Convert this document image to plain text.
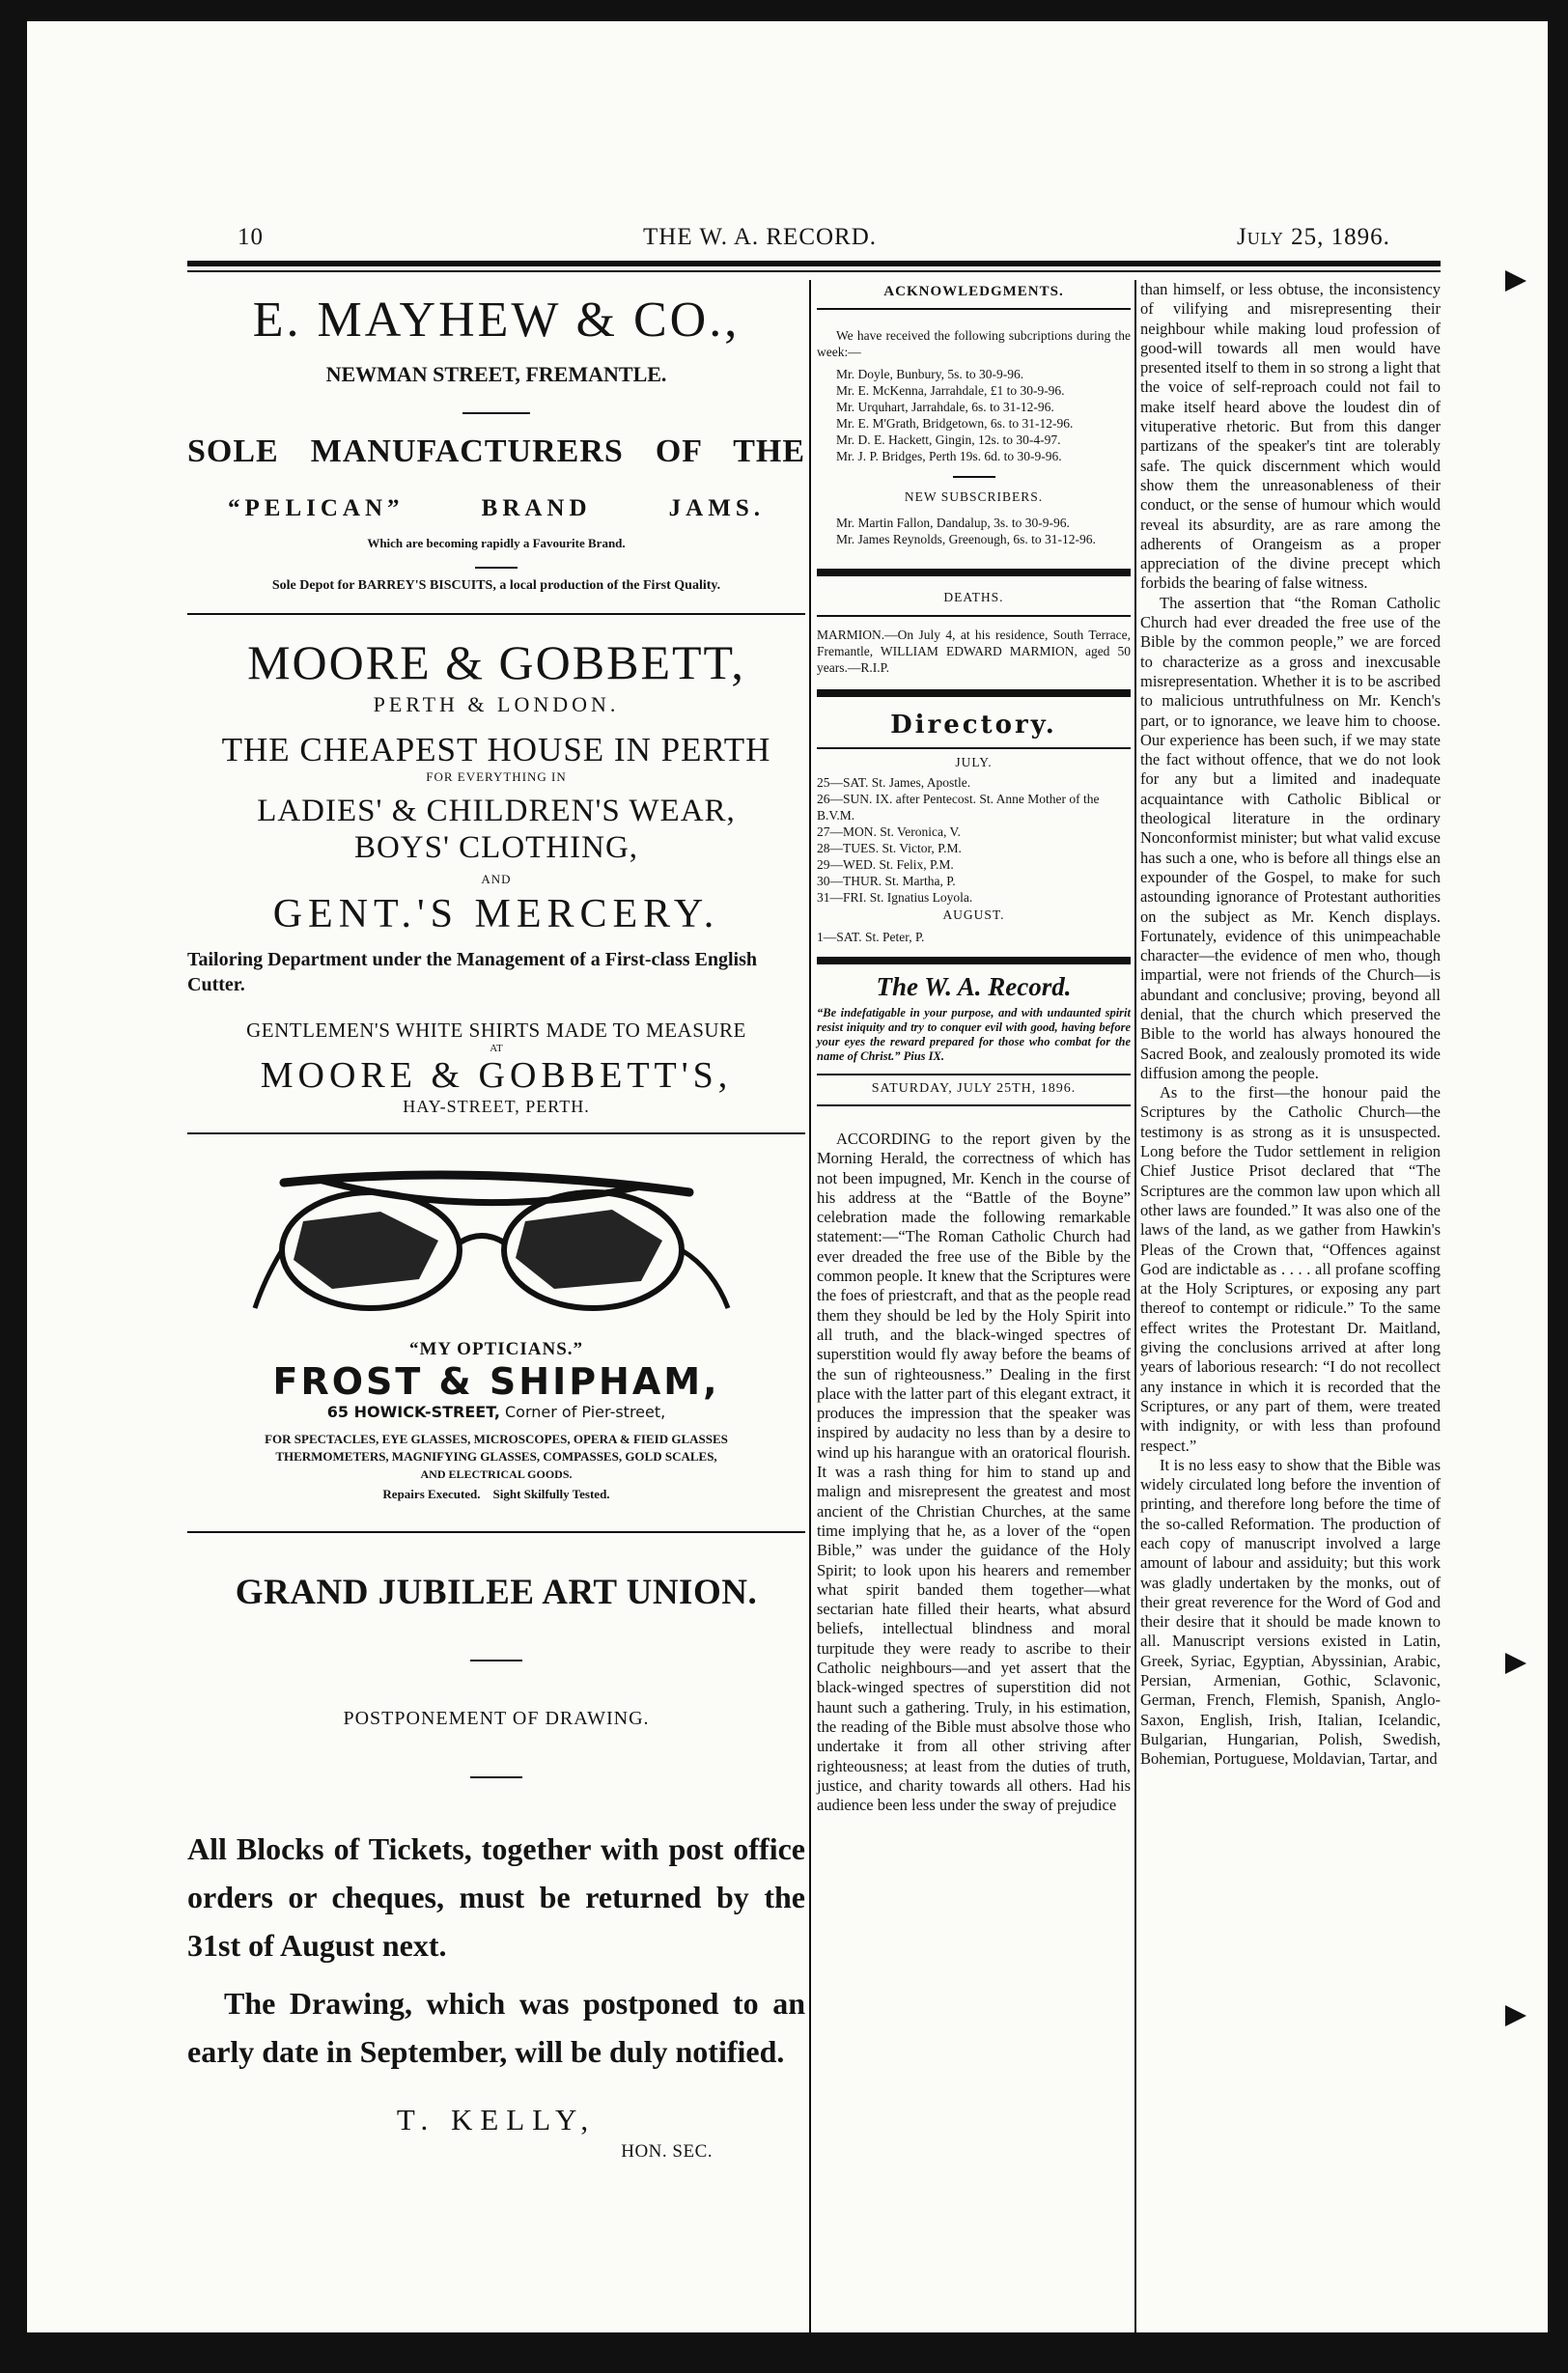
10	THE W. A. RECORD.	July 25, 1896.
E. MAYHEW & CO.,
NEWMAN STREET, FREMANTLE.
SOLE MANUFACTURERS OF THE
“PELICAN” BRAND JAMS.
Which are becoming rapidly a Favourite Brand.
Sole Depot for BARREY'S BISCUITS, a local production of the First Quality.
MOORE & GOBBETT,
PERTH & LONDON.
THE CHEAPEST HOUSE IN PERTH
FOR EVERYTHING IN
LADIES' & CHILDREN'S WEAR,
BOYS' CLOTHING,
AND
GENT.'S MERCERY.
Tailoring Department under the Management of a First-class English Cutter.
GENTLEMEN'S WHITE SHIRTS MADE TO MEASURE
AT
MOORE & GOBBETT'S,
HAY-STREET, PERTH.
“MY OPTICIANS.”
FROST & SHIPHAM,
65 HOWICK-STREET, Corner of Pier-street,
FOR SPECTACLES, EYE GLASSES, MICROSCOPES, OPERA & FIEID GLASSES
THERMOMETERS, MAGNIFYING GLASSES, COMPASSES, GOLD SCALES,
AND ELECTRICAL GOODS.
Repairs Executed. Sight Skilfully Tested.
GRAND JUBILEE ART UNION.
POSTPONEMENT OF DRAWING.
All Blocks of Tickets, together with post office orders or cheques, must be returned by the 31st of August next.
The Drawing, which was postponed to an early date in September, will be duly notified.
T. KELLY,
HON. SEC.
ACKNOWLEDGMENTS.

We have received the following subcriptions during the week:—

Mr. Doyle, Bunbury, 5s. to 30-9-96.

Mr. E. McKenna, Jarrahdale, £1 to 30-9-96.

Mr. Urquhart, Jarrahdale, 6s. to 31-12-96.

Mr. E. M'Grath, Bridgetown, 6s. to 31-12-96.

Mr. D. E. Hackett, Gingin, 12s. to 30-4-97.

Mr. J. P. Bridges, Perth 19s. 6d. to 30-9-96.

NEW SUBSCRIBERS.

Mr. Martin Fallon, Dandalup, 3s. to 30-9-96.

Mr. James Reynolds, Greenough, 6s. to 31-12-96.

DEATHS.

MARMION.—On July 4, at his residence, South Terrace, Fremantle, WILLIAM EDWARD MARMION, aged 50 years.—R.I.P.

Directory.
JULY.

25—SAT. St. James, Apostle.

26—SUN. IX. after Pentecost. St. Anne Mother of the B.V.M.

27—MON. St. Veronica, V.

28—TUES. St. Victor, P.M.

29—WED. St. Felix, P.M.

30—THUR. St. Martha, P.

31—FRI. St. Ignatius Loyola.

AUGUST.

1—SAT. St. Peter, P.

The W. A. Record.

“Be indefatigable in your purpose, and with undaunted spirit resist iniquity and try to conquer evil with good, having before your eyes the reward prepared for those who combat for the name of Christ.” Pius IX.

SATURDAY, JULY 25TH, 1896.

ACCORDING to the report given by the Morning Herald, the correctness of which has not been impugned, Mr. Kench in the course of his address at the “Battle of the Boyne” celebration made the following remarkable statement:—“The Roman Catholic Church had ever dreaded the free use of the Bible by the common people. It knew that the Scriptures were the foes of priestcraft, and that as the people read them they should be led by the Holy Spirit into all truth, and the black-winged spectres of superstition would fly away before the beams of the sun of righteousness.” Dealing in the first place with the latter part of this elegant extract, it produces the impression that the speaker was inspired by audacity no less than by a desire to wind up his harangue with an oratorical flourish. It was a rash thing for him to stand up and malign and misrepresent the greatest and most ancient of the Christian Churches, at the same time implying that he, as a lover of the “open Bible,” was under the guidance of the Holy Spirit; to look upon his hearers and remember what spirit banded them together—what sectarian hate filled their hearts, what absurd beliefs, intellectual blindness and moral turpitude they were ready to ascribe to their Catholic neighbours—and yet assert that the black-winged spectres of superstition did not haunt such a gathering. Truly, in his estimation, the reading of the Bible must absolve those who undertake it from all other striving after righteousness; at least from the duties of truth, justice, and charity towards all others. Had his audience been less under the sway of prejudice

than himself, or less obtuse, the inconsistency of vilifying and misrepresenting their neighbour while making loud profession of good-will towards all men would have presented itself to them in so strong a light that the voice of self-reproach could not fail to make itself heard above the loudest din of vituperative rhetoric. But from this danger partizans of the speaker's tint are tolerably safe. The quick discernment which would show them the unreasonableness of their conduct, or the sense of humour which would reveal its absurdity, are as rare among the adherents of Orangeism as a proper appreciation of the divine precept which forbids the bearing of false witness.

The assertion that “the Roman Catholic Church had ever dreaded the free use of the Bible by the common people,” we are forced to characterize as a gross and inexcusable misrepresentation. Whether it is to be ascribed to malicious untruthfulness on Mr. Kench's part, or to ignorance, we leave him to choose. Our experience has been such, if we may state the fact without offence, that we do not look for any but a limited and inadequate acquaintance with Catholic Biblical or theological literature in the ordinary Nonconformist minister; but what valid excuse has such a one, who is before all things else an expounder of the Gospel, to make for such astounding ignorance of Protestant authorities on the subject as Mr. Kench displays. Fortunately, evidence of this unimpeachable character—the evidence of men who, though impartial, were not friends of the Church—is abundant and conclusive; proving, beyond all denial, that the church which preserved the Bible to the world has always honoured the Sacred Book, and zealously promoted its wide diffusion among the people.

As to the first—the honour paid the Scriptures by the Catholic Church—the testimony is as strong as it is unsuspected. Long before the Tudor settlement in religion Chief Justice Prisot declared that “The Scriptures are the common law upon which all other laws are founded.” It was also one of the laws of the land, as we gather from Hawkin's Pleas of the Crown that, “Offences against God are indictable as . . . . all profane scoffing at the Holy Scriptures, or exposing any part thereof to contempt or ridicule.” To the same effect writes the Protestant Dr. Maitland, giving the conclusions arrived at after long years of laborious research: “I do not recollect any instance in which it is recorded that the Scriptures, or any part of them, were treated with indignity, or with less than profound respect.”

It is no less easy to show that the Bible was widely circulated long before the invention of printing, and therefore long before the time of the so-called Reformation. The production of each copy of manuscript involved a large amount of labour and assiduity; but this work was gladly undertaken by the monks, out of their great reverence for the Word of God and their desire that it should be made known to all. Manuscript versions existed in Latin, Greek, Syriac, Egyptian, Abyssinian, Arabic, Persian, Armenian, Gothic, Sclavonic, German, French, Flemish, Spanish, Anglo-Saxon, English, Irish, Italian, Icelandic, Bulgarian, Hungarian, Polish, Swedish, Bohemian, Portuguese, Moldavian, Tartar, and
